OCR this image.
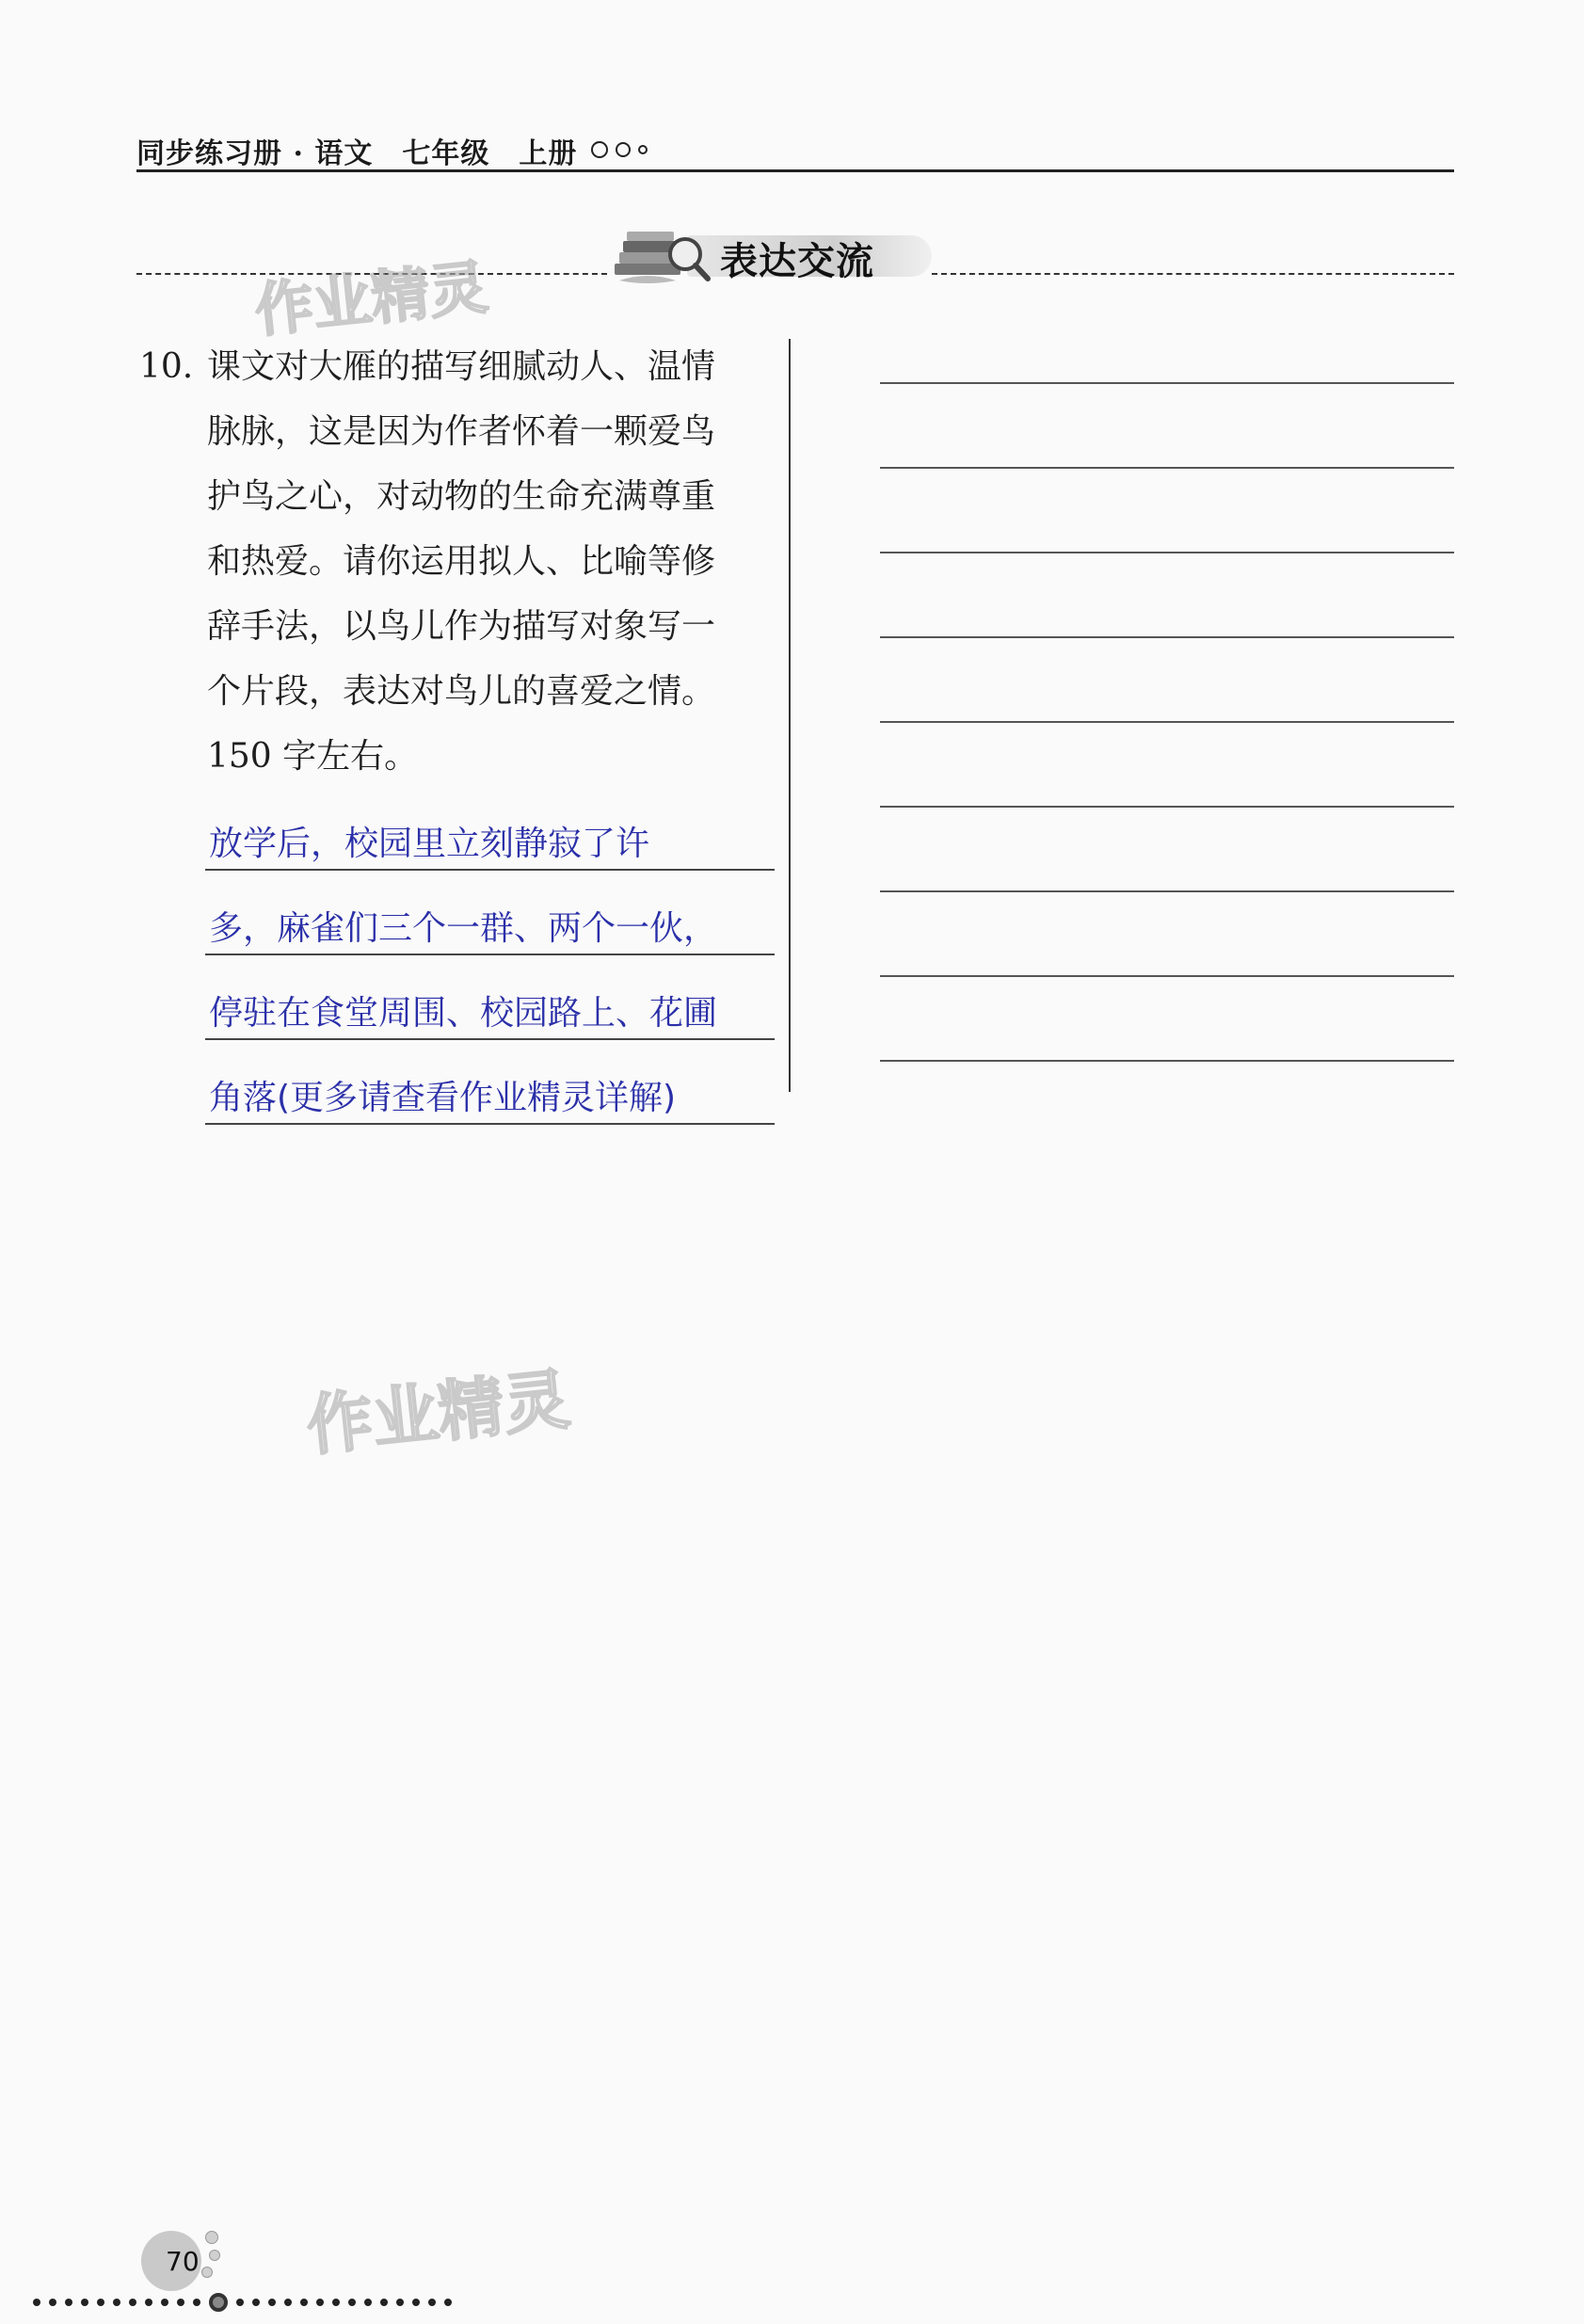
同步练习册 · 语文　七年级　上册
表达交流
作业精灵
作业精灵
10. 课文对大雁的描写细腻动人、温情
脉脉，这是因为作者怀着一颗爱鸟
护鸟之心，对动物的生命充满尊重
和热爱。请你运用拟人、比喻等修
辞手法，以鸟儿作为描写对象写一
个片段，表达对鸟儿的喜爱之情。
150 字左右。
放学后，校园里立刻静寂了许
多，麻雀们三个一群、两个一伙，
停驻在食堂周围、校园路上、花圃
角落(更多请查看作业精灵详解)
70
